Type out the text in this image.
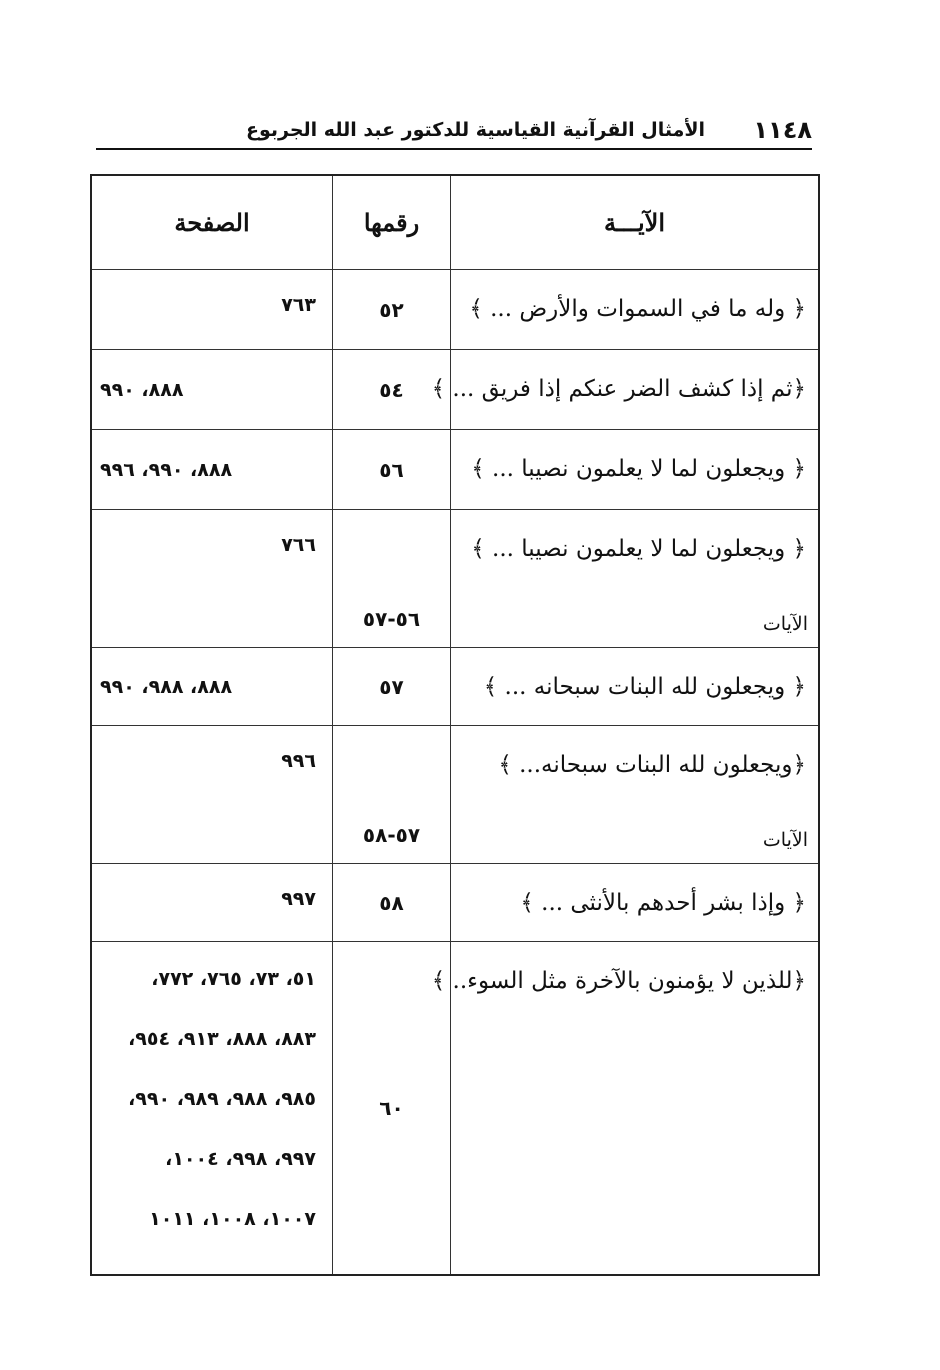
١١٤٨
الأمثال القرآنية القياسية للدكتور عبد الله الجربوع
الآيـــة
رقمها
الصفحة
﴿ وله ما في السموات والأرض ... ﴾
٥٢
٧٦٣
﴿ثم إذا كشف الضر عنكم إذا فريق ... ﴾
٥٤
٨٨٨، ٩٩٠
﴿ ويجعلون لما لا يعلمون نصيبا ... ﴾
٥٦
٨٨٨، ٩٩٠، ٩٩٦
﴿ ويجعلون لما لا يعلمون نصيبا ... ﴾
الآيات
٥٦-٥٧
٧٦٦
﴿ ويجعلون لله البنات سبحانه ... ﴾
٥٧
٨٨٨، ٩٨٨، ٩٩٠
﴿ويجعلون لله البنات سبحانه... ﴾
الآيات
٥٧-٥٨
٩٩٦
﴿ وإذا بشر أحدهم بالأنثى ... ﴾
٥٨
٩٩٧
﴿للذين لا يؤمنون بالآخرة مثل السوء.. ﴾
٦٠
٥١، ٧٣، ٧٦٥، ٧٧٢،
٨٨٣، ٨٨٨، ٩١٣، ٩٥٤،
٩٨٥، ٩٨٨، ٩٨٩، ٩٩٠،
٩٩٧، ٩٩٨، ١٠٠٤،
١٠٠٧، ١٠٠٨، ١٠١١
